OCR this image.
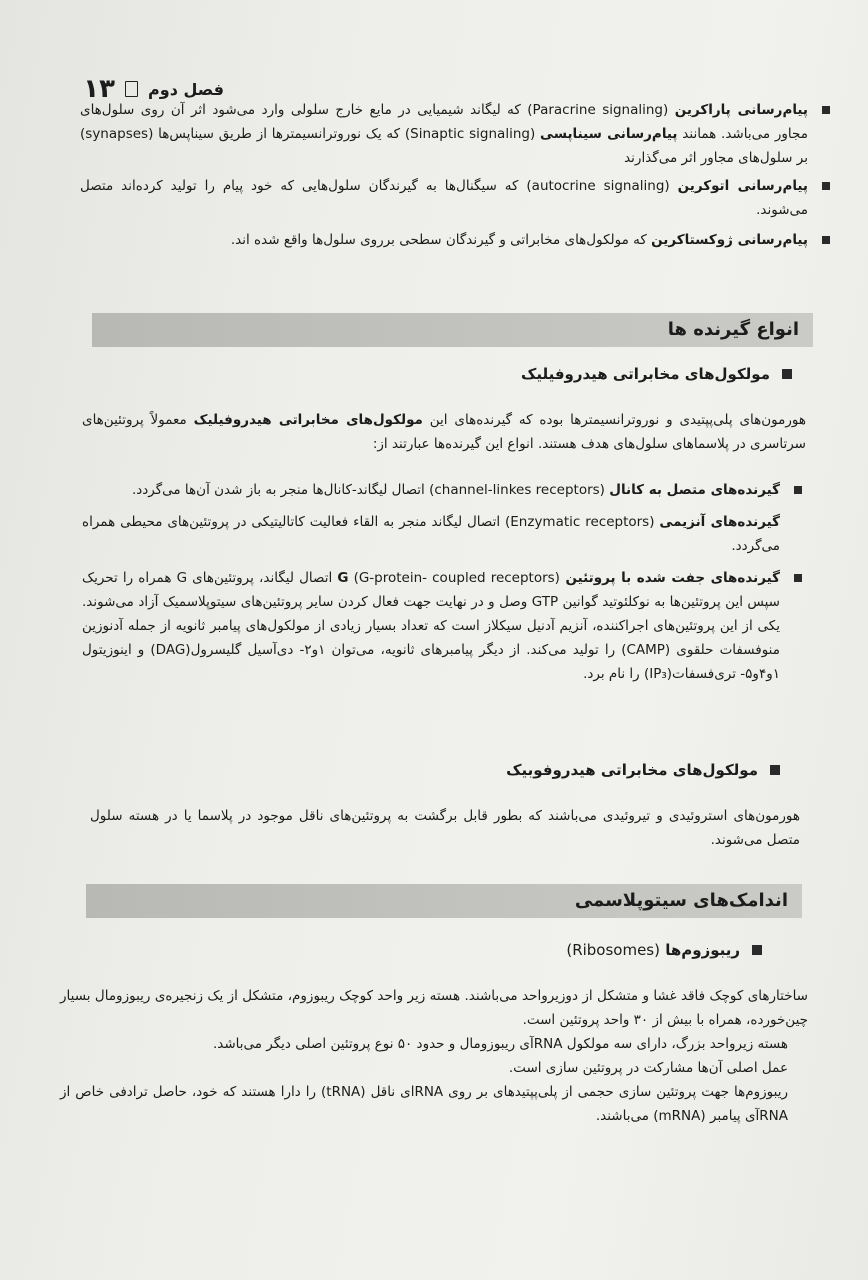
فصل دوم
۱۳

پیام‌رسانی پاراکرین (Paracrine signaling) که لیگاند شیمیایی در مایع خارج سلولی وارد می‌شود اثر آن روی سلول‌های مجاور می‌باشد. همانند پیام‌رسانی سیناپسی (Sinaptic signaling) که یک نوروترانسیمترها از طریق سیناپس‌ها (synapses) بر سلول‌های مجاور اثر می‌گذارند

پیام‌رسانی اتوکرین (autocrine signaling) که سیگنال‌ها به گیرندگان سلول‌هایی که خود پیام را تولید کرده‌اند متصل می‌شوند.

پیام‌رسانی ژوکستاکرین که مولکول‌های مخابراتی و گیرندگان سطحی برروی سلول‌ها واقع شده اند.

انواع گیرنده ها
مولکول‌های مخابراتی هیدروفیلیک

هورمون‌های پلی‌پپتیدی و نوروترانسیمترها بوده که گیرنده‌های این مولکول‌های مخابراتی هیدروفیلیک معمولاً پروتئین‌های سرتاسری در پلاسماهای سلول‌های هدف هستند. انواع این گیرنده‌ها عبارتند از:

گیرنده‌های متصل به کانال (channel-linkes receptors) اتصال لیگاند-کانال‌ها منجر به باز شدن آن‌ها می‌گردد.

گیرنده‌های آنزیمی (Enzymatic receptors) اتصال لیگاند منجر به القاء فعالیت کاتالیتیکی در پروتئین‌های محیطی همراه می‌گردد.

گیرنده‌های جفت شده با پروتئین G (G-protein- coupled receptors) اتصال لیگاند، پروتئین‌های G همراه را تحریک سپس این پروتئین‌ها به نوکلئوتید گوانین GTP وصل و در نهایت جهت فعال کردن سایر پروتئین‌های سیتوپلاسمیک آزاد می‌شوند. یکی از این پروتئین‌های اجراکننده، آنزیم آدنیل سیکلاز است که تعداد بسیار زیادی از مولکول‌های پیامبر ثانویه از جمله آدنوزین منوفسفات حلقوی (CAMP) را تولید می‌کند. از دیگر پیامبرهای ثانویه، می‌توان ۱و۲- دی‌آسیل گلیسرول(DAG) و اینوزیتول ۱و۴و۵- تری‌فسفات(IP₃) را نام برد.

مولکول‌های مخابراتی هیدروفوبیک
هورمون‌های استروئیدی و تیروئیدی می‌باشند که بطور قابل برگشت به پروتئین‌های ناقل موجود در پلاسما یا در هسته سلول متصل می‌شوند.
اندامک‌های سیتوپلاسمی
ریبوزوم‌ها (Ribosomes)

ساختارهای کوچک فاقد غشا و متشکل از دوزیرواحد می‌باشند. هسته زیر واحد کوچک ریبوزوم، متشکل از یک زنجیره‌ی ریبوزومال بسیار چین‌خورده، همراه با بیش از ۳۰ واحد پروتئین است.

هسته زیرواحد بزرگ، دارای سه مولکول RNAآی ریبوزومال و حدود ۵۰ نوع پروتئین اصلی دیگر می‌باشد.

عمل اصلی آن‌ها مشارکت در پروتئین سازی است.

ریبوزوم‌ها جهت پروتئین سازی حجمی از پلی‌پپتیدهای بر روی RNAای ناقل (tRNA) را دارا هستند که خود، حاصل ترادفی خاص از RNAآی پیامبر (mRNA) می‌باشند.
